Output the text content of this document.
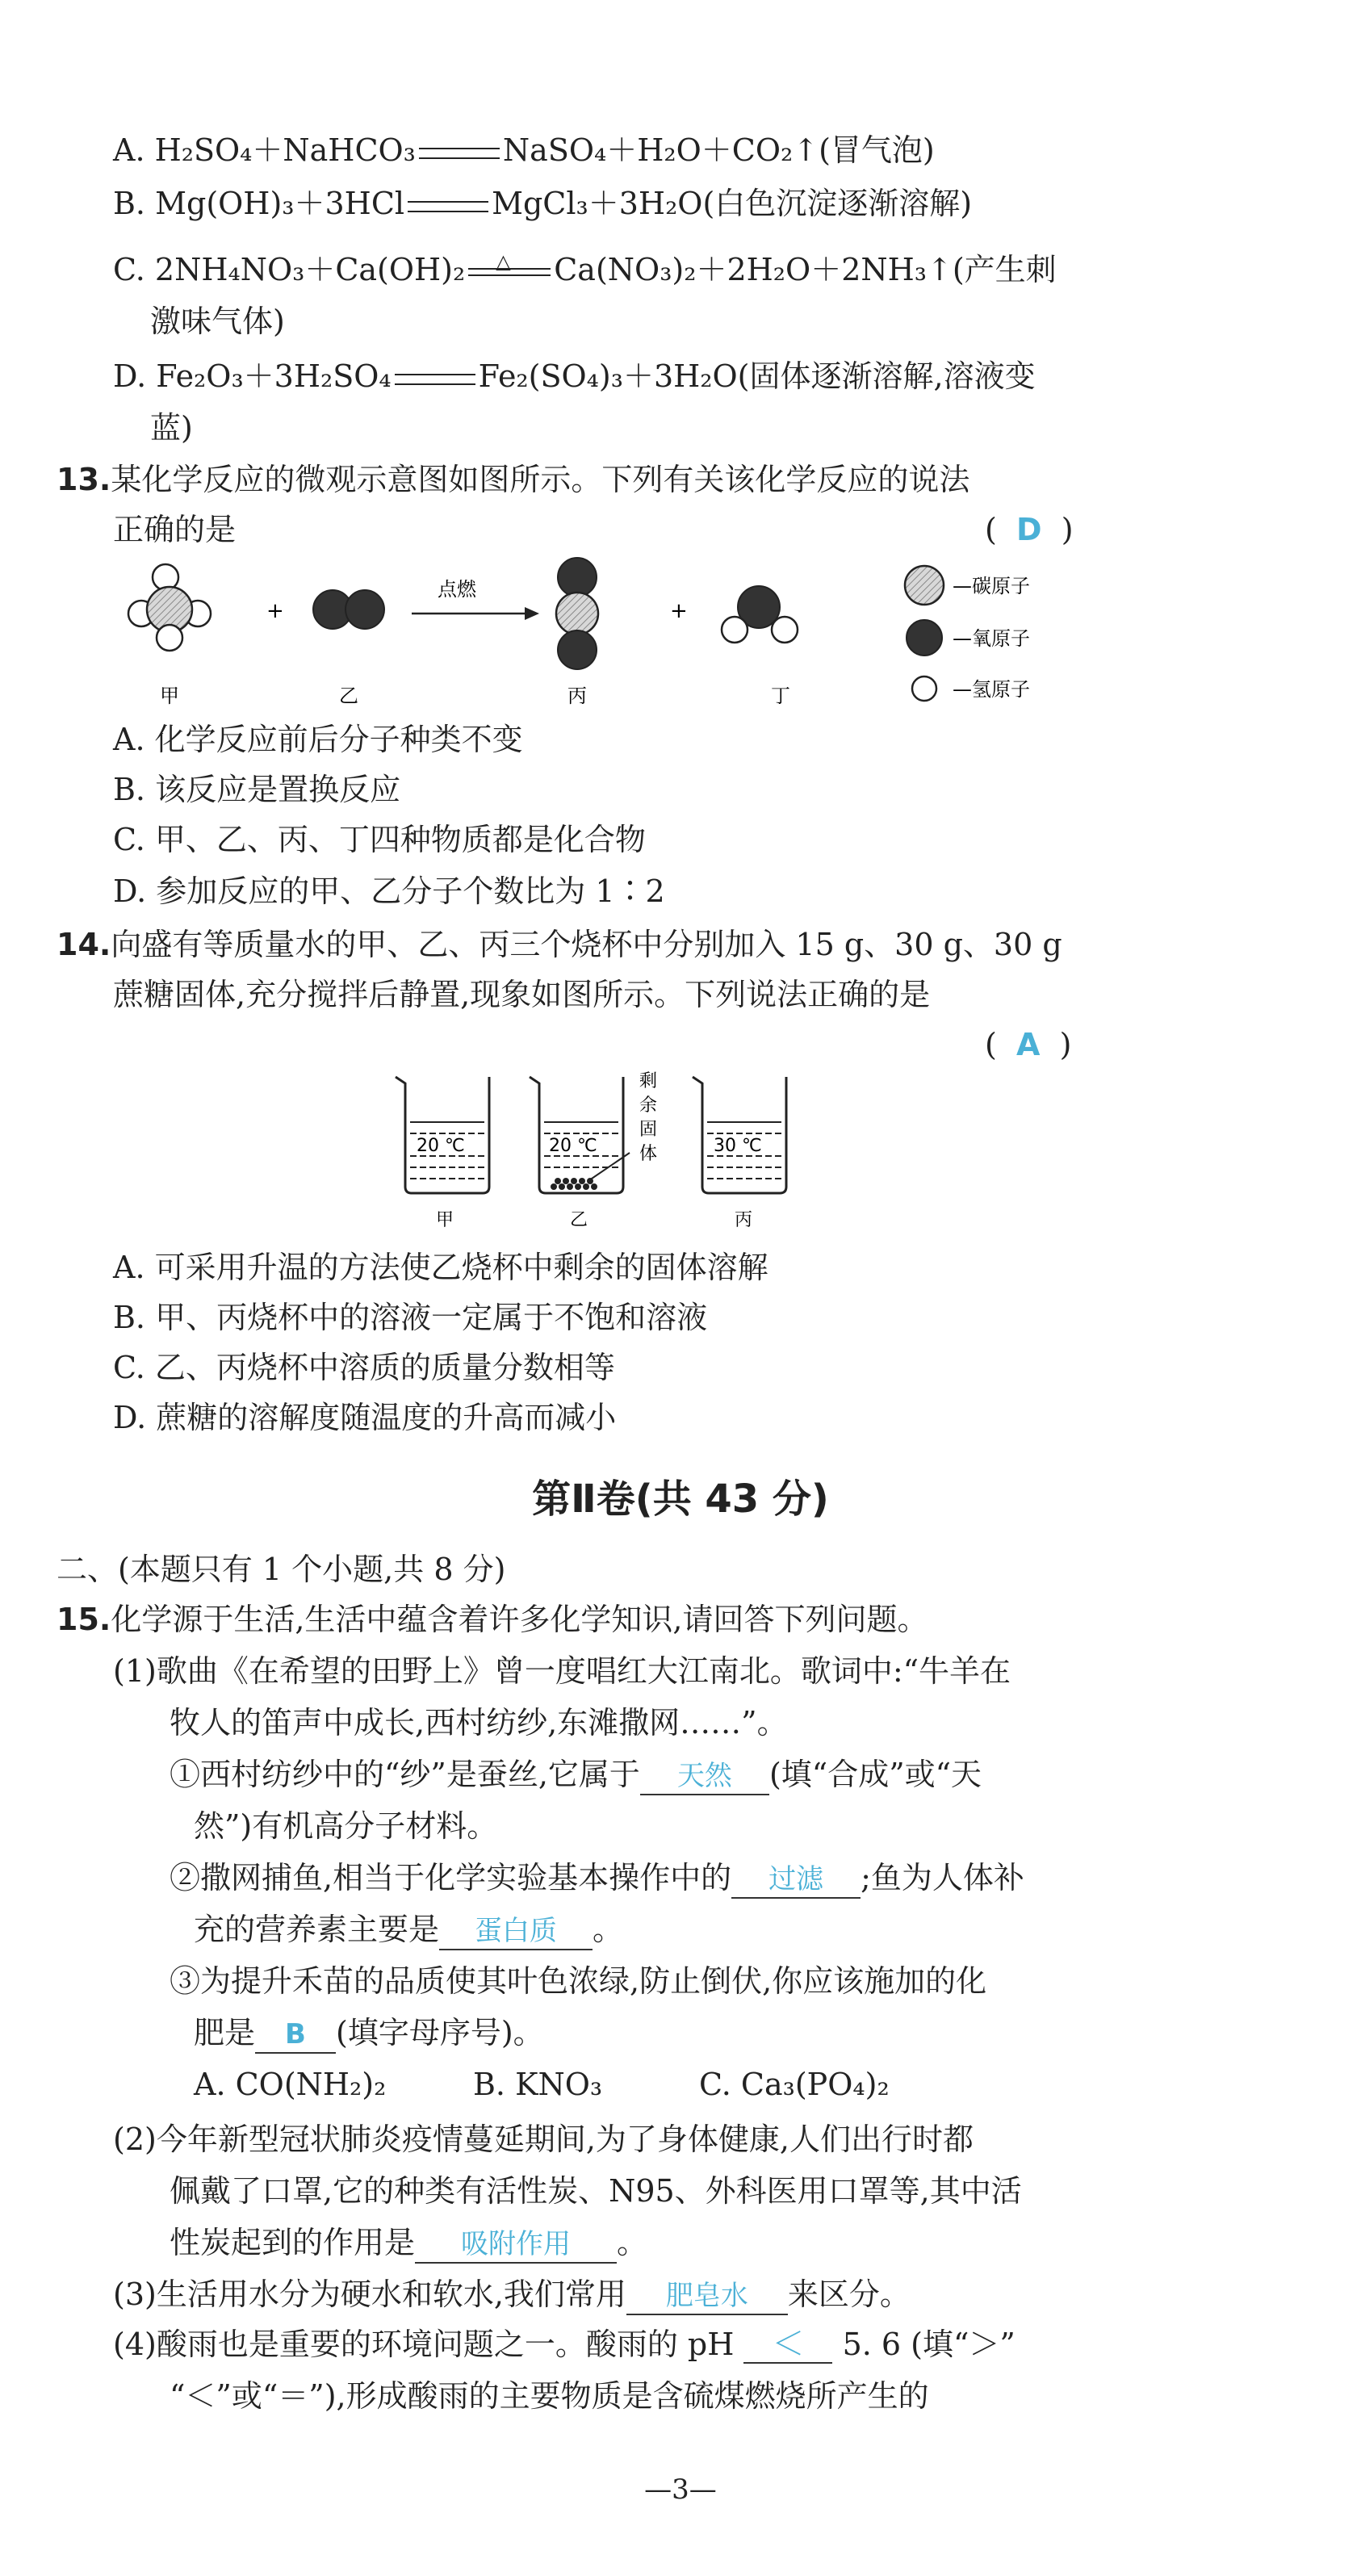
A. H₂SO₄＋NaHCO₃	NaSO₄＋H₂O＋CO₂↑(冒气泡)
B. Mg(OH)₃＋3HCl	MgCl₃＋3H₂O(白色沉淀逐渐溶解)
C. 2NH₄NO₃＋Ca(OH)₂ △ Ca(NO₃)₂＋2H₂O＋2NH₃↑(产生刺
激味气体)
D. Fe₂O₃＋3H₂SO₄	Fe₂(SO₄)₃＋3H₂O(固体逐渐溶解,溶液变
蓝)
13.某化学反应的微观示意图如图所示。下列有关该化学反应的说法
正确的是	(  D  )
+
点燃
+
甲	乙	丙	丁
—碳原子
—氧原子
—氢原子
A. 化学反应前后分子种类不变
B. 该反应是置换反应
C. 甲、乙、丙、丁四种物质都是化合物
D. 参加反应的甲、乙分子个数比为 1∶2
14.向盛有等质量水的甲、乙、丙三个烧杯中分别加入 15 g、30 g、30 g
蔗糖固体,充分搅拌后静置,现象如图所示。下列说法正确的是
(  A  )
20 ℃	20 ℃
剩
余
固
体	30 ℃
甲	乙	丙
A. 可采用升温的方法使乙烧杯中剩余的固体溶解
B. 甲、丙烧杯中的溶液一定属于不饱和溶液
C. 乙、丙烧杯中溶质的质量分数相等
D. 蔗糖的溶解度随温度的升高而减小
第Ⅱ卷(共 43 分)
二、(本题只有 1 个小题,共 8 分)
15.化学源于生活,生活中蕴含着许多化学知识,请回答下列问题。
(1)歌曲《在希望的田野上》曾一度唱红大江南北。歌词中:“牛羊在
牧人的笛声中成长,西村纺纱,东滩撒网……”。
①西村纺纱中的“纱”是蚕丝,它属于 天然 (填“合成”或“天
然”)有机高分子材料。
②撒网捕鱼,相当于化学实验基本操作中的 过滤 ;鱼为人体补
充的营养素主要是 蛋白质 。
③为提升禾苗的品质使其叶色浓绿,防止倒伏,你应该施加的化
肥是 B (填字母序号)。
A. CO(NH₂)₂	B. KNO₃	C. Ca₃(PO₄)₂
(2)今年新型冠状肺炎疫情蔓延期间,为了身体健康,人们出行时都
佩戴了口罩,它的种类有活性炭、N95、外科医用口罩等,其中活
性炭起到的作用是 吸附作用 。
(3)生活用水分为硬水和软水,我们常用 肥皂水 来区分。
(4)酸雨也是重要的环境问题之一。酸雨的 pH ＜ 5. 6 (填“＞”
“＜”或“＝”),形成酸雨的主要物质是含硫煤燃烧所产生的
—3—
